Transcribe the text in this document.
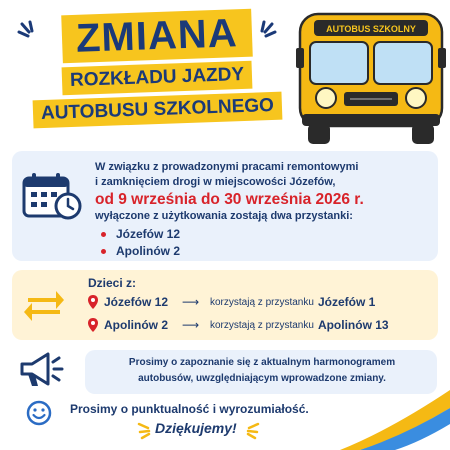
ZMIANA
ROZKŁADU JAZDY
AUTOBUSU SZKOLNEGO
AUTOBUS SZKOLNY
W związku z prowadzonymi pracami remontowymi
i zamknięciem drogi w miejscowości Józefów,
od 9 września do 30 września 2026 r.
wyłączone z użytkowania zostają dwa przystanki:
Józefów 12
Apolinów 2
Dzieci z:
Józefów 12	⟶	korzystają z przystanku Józefów 1
Apolinów 2	⟶	korzystają z przystanku Apolinów 13
Prosimy o zapoznanie się z aktualnym harmonogramem
autobusów, uwzględniającym wprowadzone zmiany.
Prosimy o punktualność i wyrozumiałość.
Dziękujemy!
